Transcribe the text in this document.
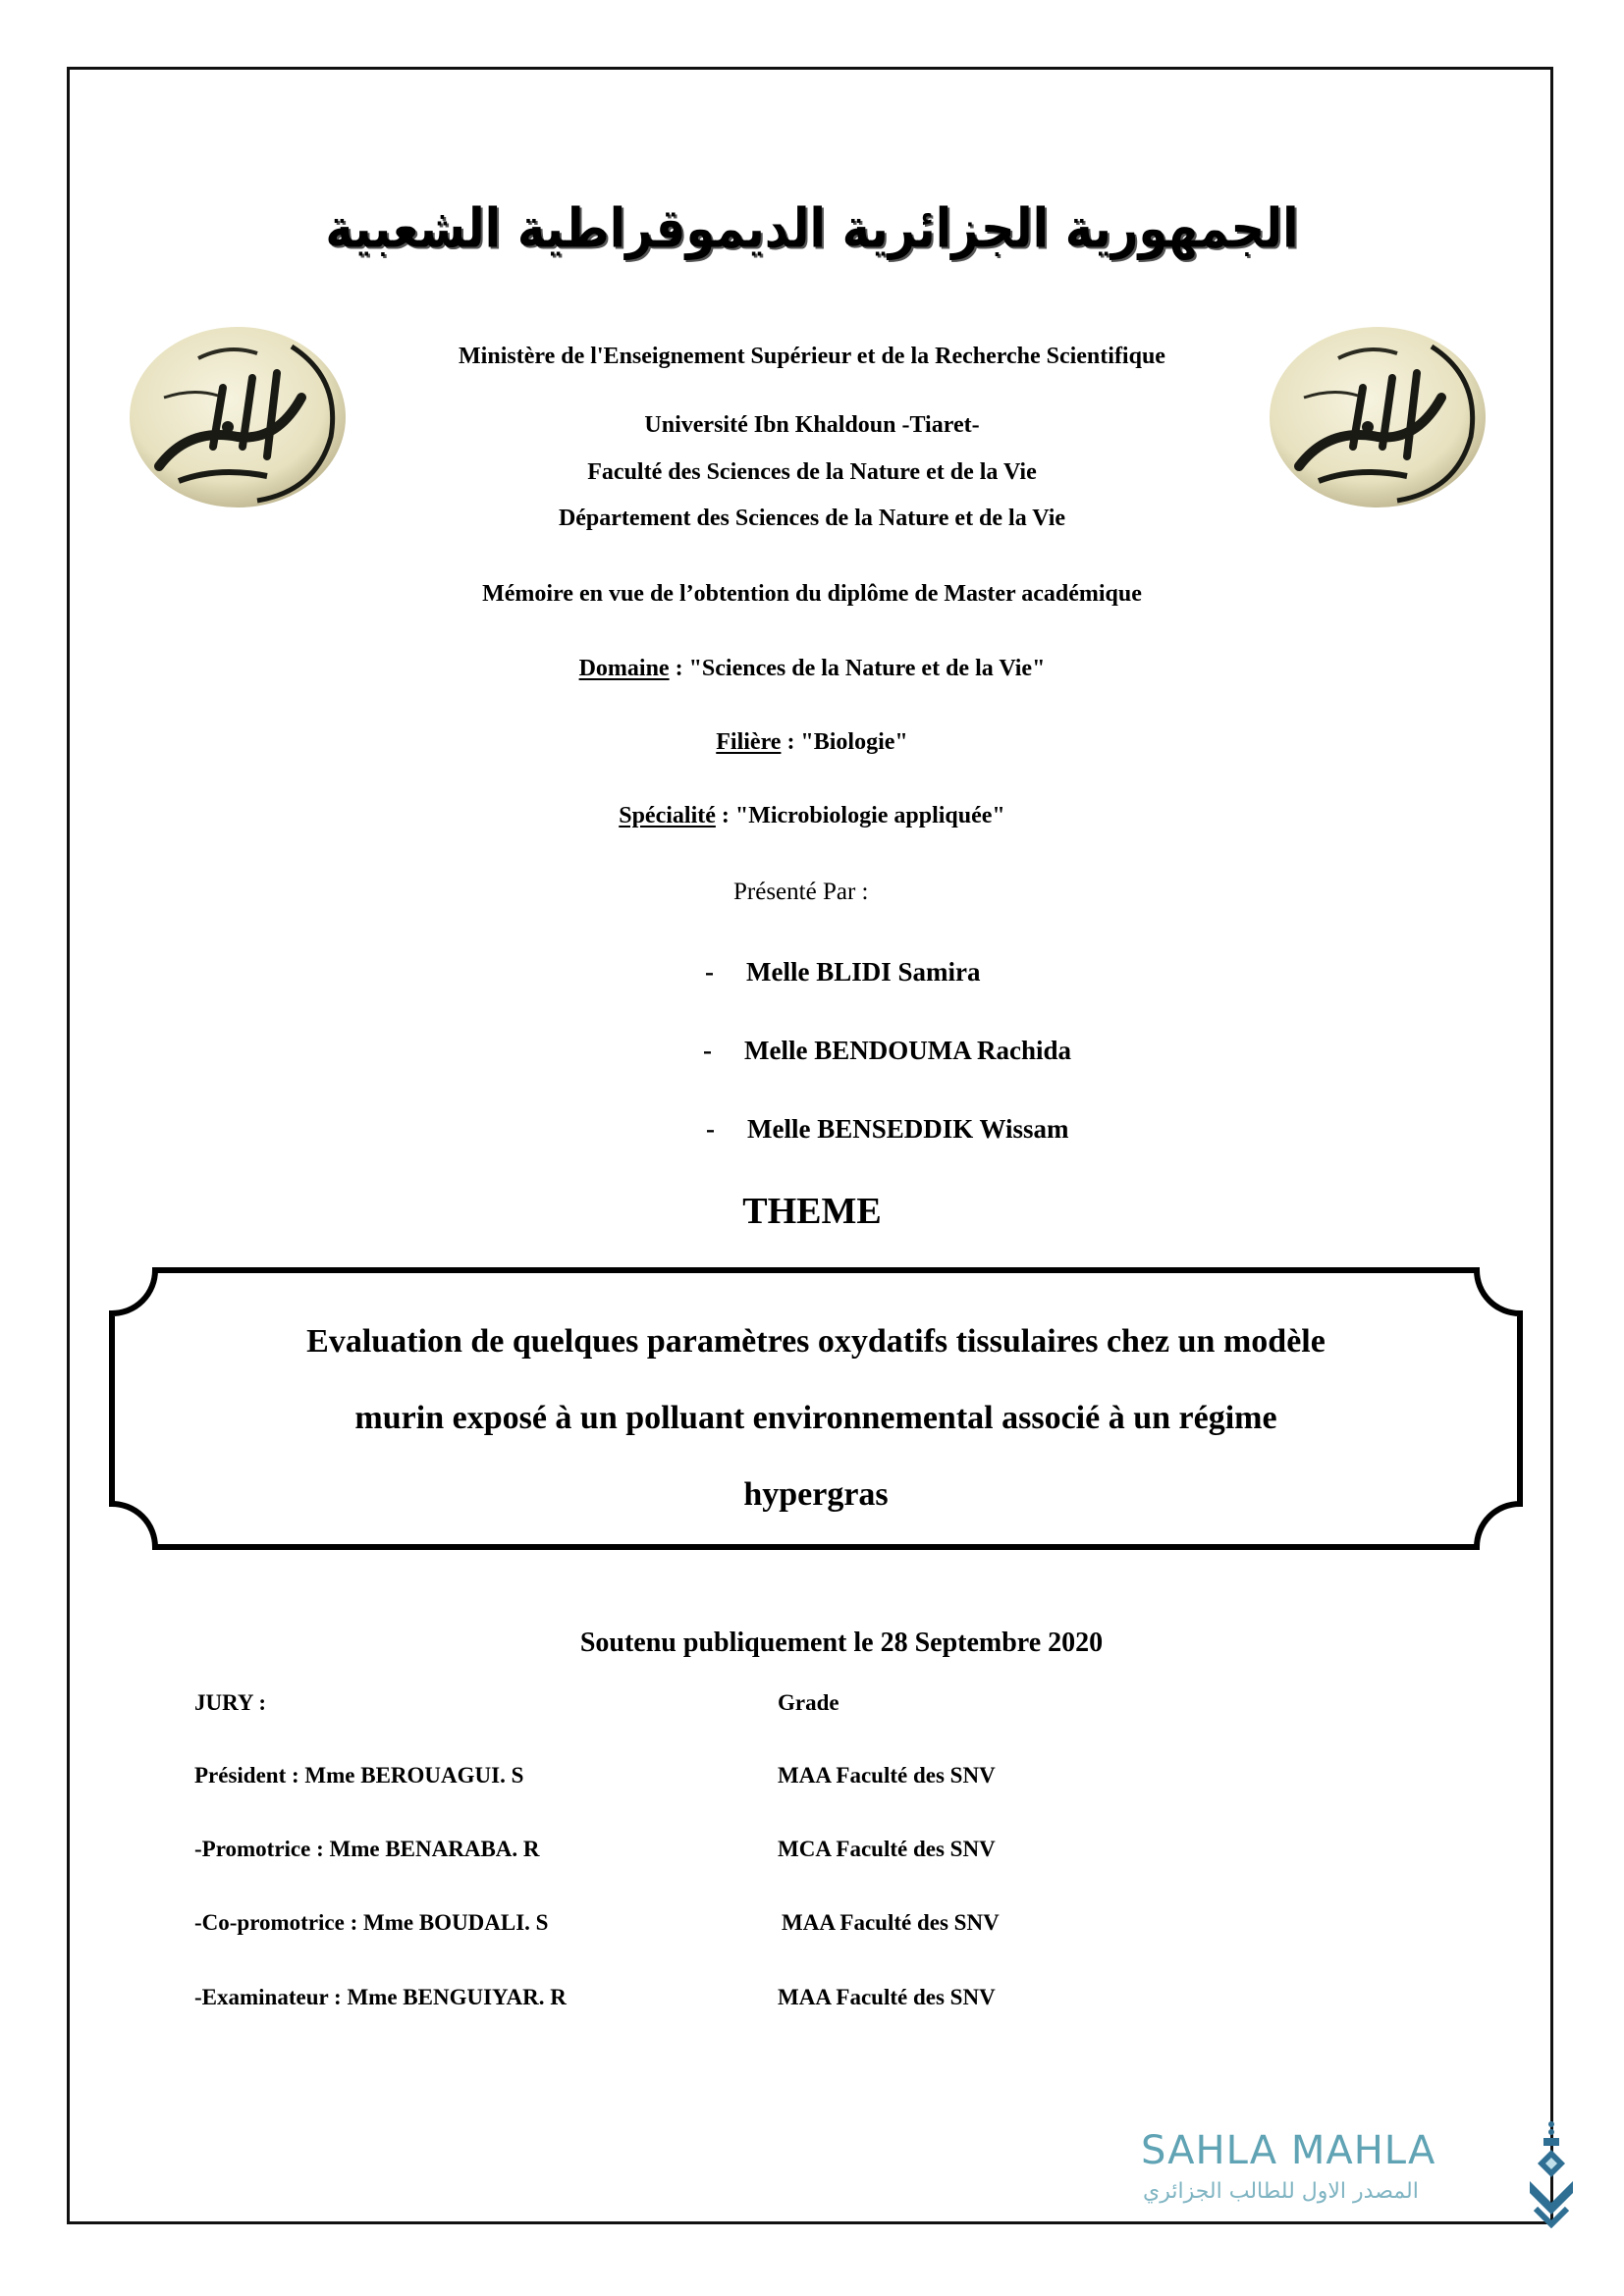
الجمهورية الجزائرية الديموقراطية الشعبية
Ministère de l'Enseignement Supérieur et de la Recherche Scientifique
Université Ibn Khaldoun -Tiaret-
Faculté des Sciences de la Nature et de la Vie
Département des Sciences de la Nature et de la Vie
Mémoire en vue de l’obtention du diplôme de Master académique
Domaine : "Sciences de la Nature et de la Vie"
Filière : "Biologie"
Spécialité : "Microbiologie appliquée"
Présenté Par :
- Melle BLIDI Samira
- Melle BENDOUMA Rachida
- Melle BENSEDDIK Wissam
THEME
Evaluation de quelques paramètres oxydatifs tissulaires chez un modèle
murin exposé à un polluant environnemental associé à un régime
hypergras
Soutenu publiquement le 28 Septembre 2020
JURY :	Grade
Président : Mme BEROUAGUI. S	MAA Faculté des SNV
-Promotrice : Mme BENARABA. R	MCA Faculté des SNV
-Co-promotrice : Mme BOUDALI. S	MAA Faculté des SNV
-Examinateur : Mme BENGUIYAR. R	MAA Faculté des SNV
SAHLA MAHLA
المصدر الاول للطالب الجزائري
